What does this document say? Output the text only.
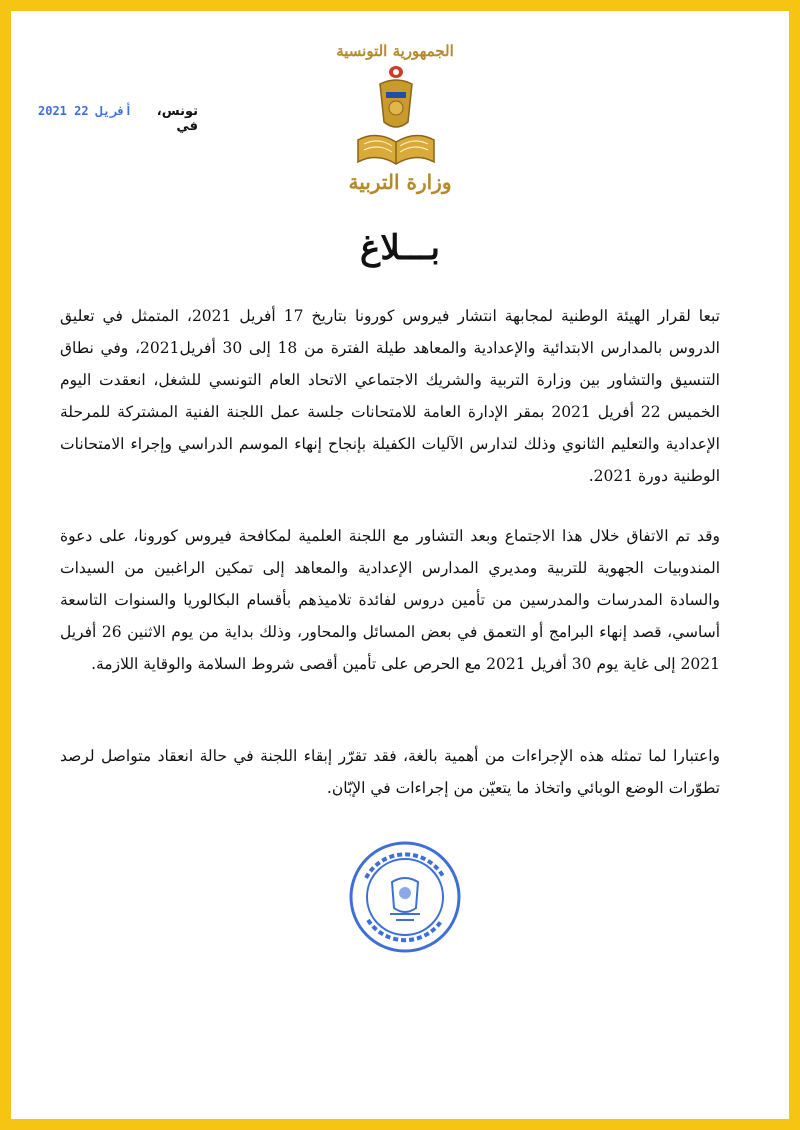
الجمهورية التونسية
وزارة التربية
2021 أفريل 22	تونس، في
بـــلاغ
تبعا لقرار الهيئة الوطنية لمجابهة انتشار فيروس كورونا بتاريخ 17 أفريل 2021، المتمثل في تعليق الدروس بالمدارس الابتدائية والإعدادية والمعاهد طيلة الفترة من 18 إلى 30 أفريل2021، وفي نطاق التنسيق والتشاور بين وزارة التربية والشريك الاجتماعي الاتحاد العام التونسي للشغل، انعقدت اليوم الخميس 22 أفريل 2021 بمقر الإدارة العامة للامتحانات جلسة عمل اللجنة الفنية المشتركة للمرحلة الإعدادية والتعليم الثانوي وذلك لتدارس الآليات الكفيلة بإنجاح إنهاء الموسم الدراسي وإجراء الامتحانات الوطنية دورة 2021.
وقد تم الاتفاق خلال هذا الاجتماع وبعد التشاور مع اللجنة العلمية لمكافحة فيروس كورونا، على دعوة المندوبيات الجهوية للتربية ومديري المدارس الإعدادية والمعاهد إلى تمكين الراغبين من السيدات والسادة المدرسات والمدرسين من تأمين دروس لفائدة تلاميذهم بأقسام البكالوريا والسنوات التاسعة أساسي، قصد إنهاء البرامج أو التعمق في بعض المسائل والمحاور، وذلك بداية من يوم الاثنين 26 أفريل 2021 إلى غاية يوم 30 أفريل 2021 مع الحرص على تأمين أقصى شروط السلامة والوقاية اللازمة.
واعتبارا لما تمثله هذه الإجراءات من أهمية بالغة، فقد تقرّر إبقاء اللجنة في حالة انعقاد متواصل لرصد تطوّرات الوضع الوبائي واتخاذ ما يتعيّن من إجراءات في الإبّان.
